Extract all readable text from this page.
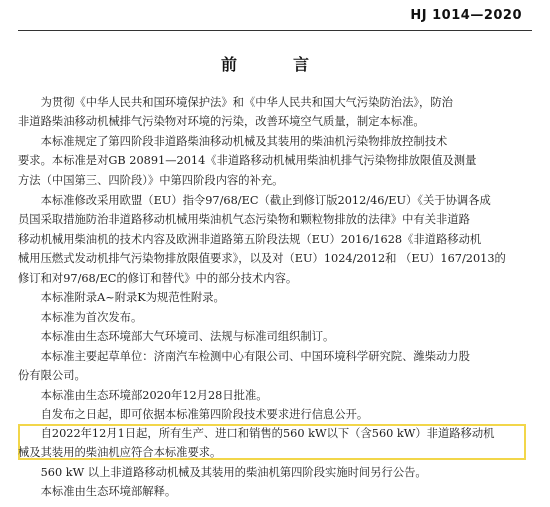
HJ 1014—2020
前　言
为贯彻《中华人民共和国环境保护法》和《中华人民共和国大气污染防治法》，防治
非道路柴油移动机械排气污染物对环境的污染，改善环境空气质量，制定本标准。
本标准规定了第四阶段非道路柴油移动机械及其装用的柴油机污染物排放控制技术
要求。本标准是对GB 20891—2014《非道路移动机械用柴油机排气污染物排放限值及测量
方法（中国第三、四阶段）》中第四阶段内容的补充。
本标准修改采用欧盟（EU）指令97/68/EC（截止到修订版2012/46/EU）《关于协调各成
员国采取措施防治非道路移动机械用柴油机气态污染物和颗粒物排放的法律》中有关非道路
移动机械用柴油机的技术内容及欧洲非道路第五阶段法规（EU）2016/1628《非道路移动机
械用压燃式发动机排气污染物排放限值要求》，以及对（EU）1024/2012和 （EU）167/2013的
修订和对97/68/EC的修订和替代》中的部分技术内容。
本标准附录A~附录K为规范性附录。
本标准为首次发布。
本标准由生态环境部大气环境司、法规与标准司组织制订。
本标准主要起草单位：济南汽车检测中心有限公司、中国环境科学研究院、潍柴动力股
份有限公司。
本标准由生态环境部2020年12月28日批准。
自发布之日起，即可依据本标准第四阶段技术要求进行信息公开。
自2022年12月1日起，所有生产、进口和销售的560 kW以下（含560 kW）非道路移动机
械及其装用的柴油机应符合本标准要求。
560 kW 以上非道路移动机械及其装用的柴油机第四阶段实施时间另行公告。
本标准由生态环境部解释。
